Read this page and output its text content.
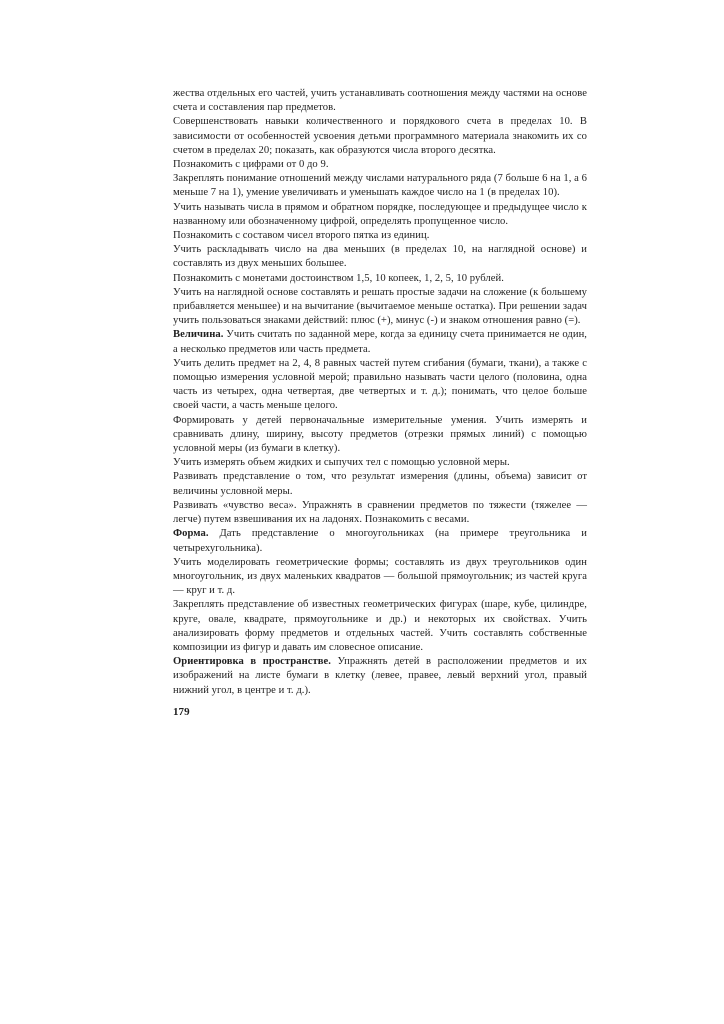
жества отдельных его частей, учить устанавливать соотношения между частями на основе счета и составления пар предметов.

Совершенствовать навыки количественного и порядкового счета в пределах 10. В зависимости от особенностей усвоения детьми программного материала знакомить их со счетом в пределах 20; показать, как образуются числа второго десятка.

Познакомить с цифрами от 0 до 9.

Закреплять понимание отношений между числами натурального ряда (7 больше 6 на 1, а 6 меньше 7 на 1), умение увеличивать и уменьшать каждое число на 1 (в пределах 10).

Учить называть числа в прямом и обратном порядке, последующее и предыдущее число к названному или обозначенному цифрой, определять пропущенное число.

Познакомить с составом чисел второго пятка из единиц.

Учить раскладывать число на два меньших (в пределах 10, на наглядной основе) и составлять из двух меньших большее.

Познакомить с монетами достоинством 1,5, 10 копеек, 1, 2, 5, 10 рублей.

Учить на наглядной основе составлять и решать простые задачи на сложение (к большему прибавляется меньшее) и на вычитание (вычитаемое меньше остатка). При решении задач учить пользоваться знаками действий: плюс (+), минус (-) и знаком отношения равно (=).

Величина. Учить считать по заданной мере, когда за единицу счета принимается не один, а несколько предметов или часть предмета.

Учить делить предмет на 2, 4, 8 равных частей путем сгибания (бумаги, ткани), а также с помощью измерения условной мерой; правильно называть части целого (половина, одна часть из четырех, одна четвертая, две четвертых и т. д.); понимать, что целое больше своей части, а часть меньше целого.

Формировать у детей первоначальные измерительные умения. Учить измерять и сравнивать длину, ширину, высоту предметов (отрезки прямых линий) с помощью условной меры (из бумаги в клетку).

Учить измерять объем жидких и сыпучих тел с помощью условной меры.

Развивать представление о том, что результат измерения (длины, объема) зависит от величины условной меры.

Развивать «чувство веса». Упражнять в сравнении предметов по тяжести (тяжелее — легче) путем взвешивания их на ладонях. Познакомить с весами.

Форма. Дать представление о многоугольниках (на примере треугольника и четырехугольника).

Учить моделировать геометрические формы; составлять из двух треугольников один многоугольник, из двух маленьких квадратов — большой прямоугольник; из частей круга — круг и т. д.

Закреплять представление об известных геометрических фигурах (шаре, кубе, цилиндре, круге, овале, квадрате, прямоугольнике и др.) и некоторых их свойствах. Учить анализировать форму предметов и отдельных частей. Учить составлять собственные композиции из фигур и давать им словесное описание.

Ориентировка в пространстве. Упражнять детей в расположении предметов и их изображений на листе бумаги в клетку (левее, правее, левый верхний угол, правый нижний угол, в центре и т. д.).

179
